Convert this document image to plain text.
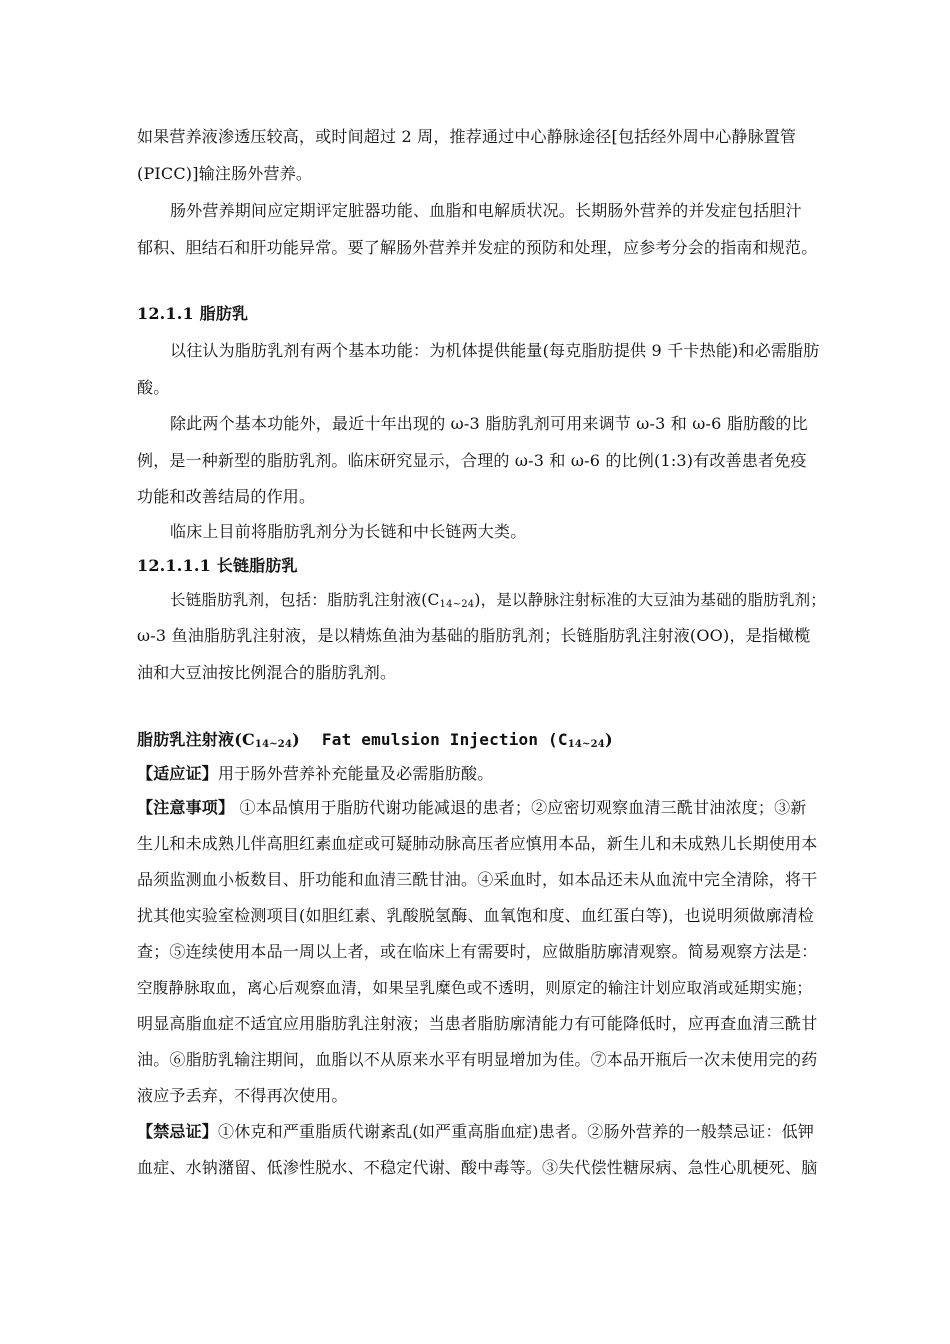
如果营养液渗透压较高，或时间超过 2 周，推荐通过中心静脉途径[包括经外周中心静脉置管
(PICC)]输注肠外营养。
肠外营养期间应定期评定脏器功能、血脂和电解质状况。长期肠外营养的并发症包括胆汁
郁积、胆结石和肝功能异常。要了解肠外营养并发症的预防和处理，应参考分会的指南和规范。
12.1.1 脂肪乳
以往认为脂肪乳剂有两个基本功能：为机体提供能量(每克脂肪提供 9 千卡热能)和必需脂肪
酸。
除此两个基本功能外，最近十年出现的 ω-3 脂肪乳剂可用来调节 ω-3 和 ω-6 脂肪酸的比
例，是一种新型的脂肪乳剂。临床研究显示，合理的 ω-3 和 ω-6 的比例(1:3)有改善患者免疫
功能和改善结局的作用。
临床上目前将脂肪乳剂分为长链和中长链两大类。
12.1.1.1 长链脂肪乳
长链脂肪乳剂，包括：脂肪乳注射液$(C_{14\sim 24})$，是以静脉注射标准的大豆油为基础的脂肪乳剂；
ω-3 鱼油脂肪乳注射液，是以精炼鱼油为基础的脂肪乳剂；长链脂肪乳注射液(OO)，是指橄榄
油和大豆油按比例混合的脂肪乳剂。
脂肪乳注射液$(C_{14\sim 24})$ Fat emulsion Injection $(C_{14\sim 24})$
【适应证】用于肠外营养补充能量及必需脂肪酸。
【注意事项】 ①本品慎用于脂肪代谢功能减退的患者；②应密切观察血清三酰甘油浓度；③新
生儿和未成熟儿伴高胆红素血症或可疑肺动脉高压者应慎用本品，新生儿和未成熟儿长期使用本
品须监测血小板数目、肝功能和血清三酰甘油。④采血时，如本品还未从血流中完全清除，将干
扰其他实验室检测项目(如胆红素、乳酸脱氢酶、血氧饱和度、血红蛋白等)，也说明须做廓清检
查；⑤连续使用本品一周以上者，或在临床上有需要时，应做脂肪廓清观察。简易观察方法是：
空腹静脉取血，离心后观察血清，如果呈乳糜色或不透明，则原定的输注计划应取消或延期实施；
明显高脂血症不适宜应用脂肪乳注射液；当患者脂肪廓清能力有可能降低时，应再查血清三酰甘
油。⑥脂肪乳输注期间，血脂以不从原来水平有明显增加为佳。⑦本品开瓶后一次未使用完的药
液应予丢弃，不得再次使用。
【禁忌证】①休克和严重脂质代谢紊乱(如严重高脂血症)患者。②肠外营养的一般禁忌证：低钾
血症、水钠潴留、低渗性脱水、不稳定代谢、酸中毒等。③失代偿性糖尿病、急性心肌梗死、脑
